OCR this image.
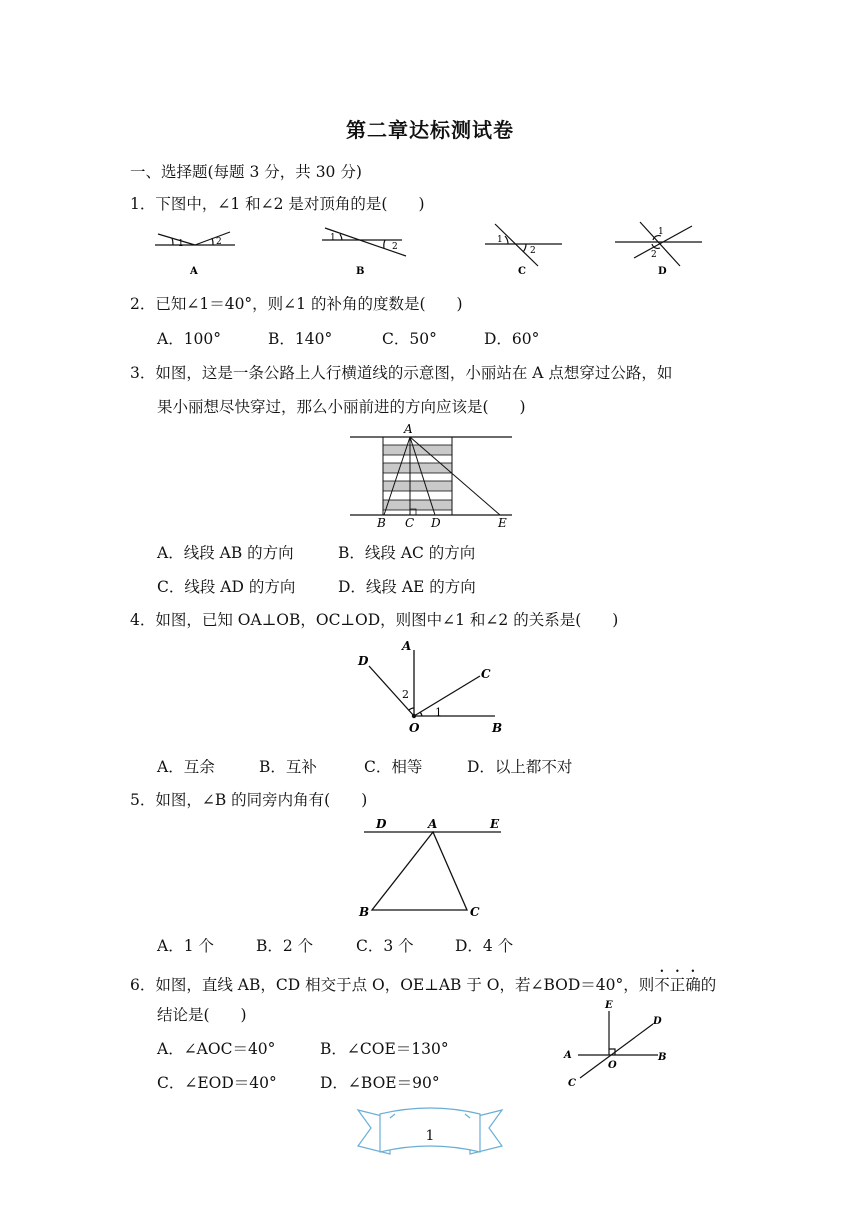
第二章达标测试卷
一、选择题(每题 3 分，共 30 分)
1．下图中，∠1 和∠2 是对顶角的是(　　)
1	2
A
1
2
B
1
2
C
1
2
D
2．已知∠1＝40°，则∠1 的补角的度数是(　　)
A．100°	B．140°	C．50°	D．60°
3．如图，这是一条公路上人行横道线的示意图，小丽站在 A 点想穿过公路，如
果小丽想尽快穿过，那么小丽前进的方向应该是(　　)
A
B C D	E
A．线段 AB 的方向	B．线段 AC 的方向
C．线段 AD 的方向	D．线段 AE 的方向
4．如图，已知 OA⊥OB，OC⊥OD，则图中∠1 和∠2 的关系是(　　)
D
A
C
O	B
2
1
A．互余	B．互补	C．相等	D．以上都不对
5．如图，∠B 的同旁内角有(　　)
D	A	E
B	C
A．1 个	B．2 个	C．3 个	D．4 个
6．如图，直线 AB，CD 相交于点 O，OE⊥AB 于 O，若∠BOD＝40°，则不正确的
结论是(　　)
A．∠AOC＝40°	B．∠COE＝130°
C．∠EOD＝40°	D．∠BOE＝90°
E
D
A
O
B
C
1
